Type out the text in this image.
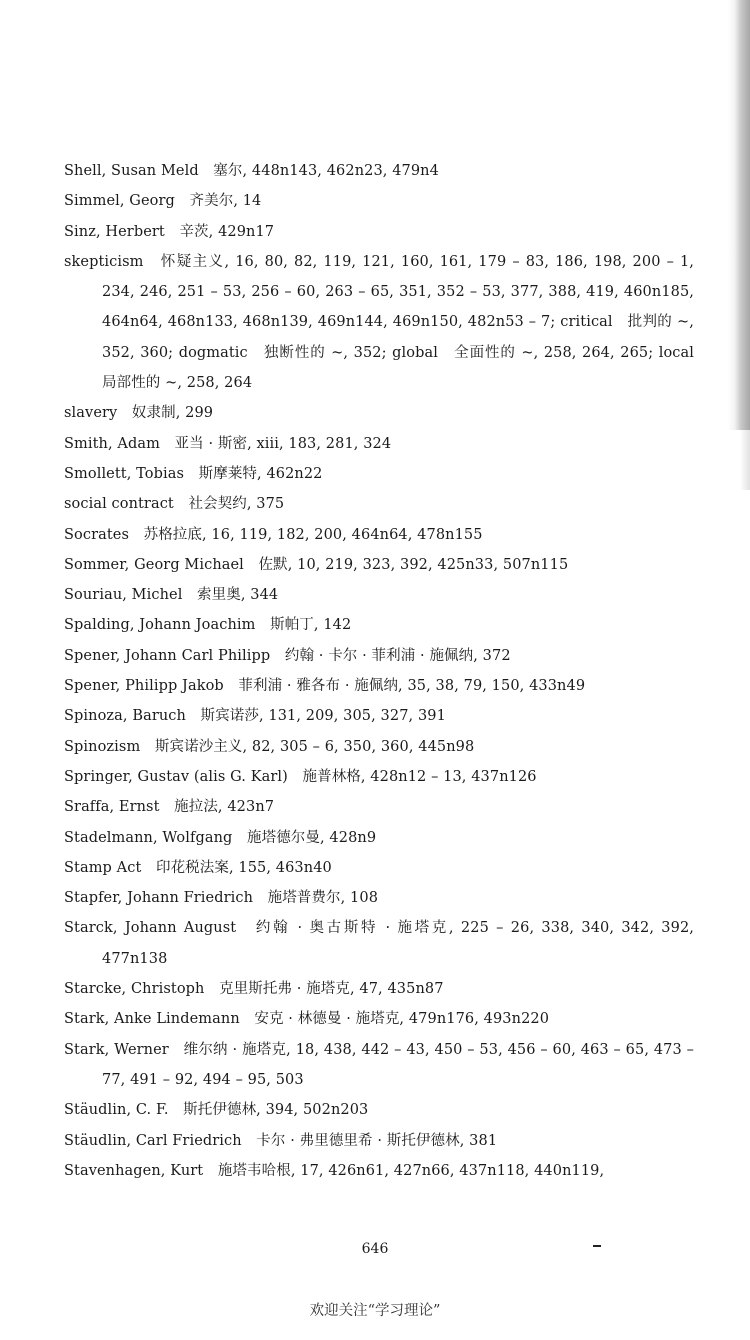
Shell, Susan Meld　塞尔, 448n143, 462n23, 479n4

Simmel, Georg　齐美尔, 14

Sinz, Herbert　辛茨, 429n17

skepticism　怀疑主义, 16, 80, 82, 119, 121, 160, 161, 179 – 83, 186, 198, 200 – 1, 234, 246, 251 – 53, 256 – 60, 263 – 65, 351, 352 – 53, 377, 388, 419, 460n185, 464n64, 468n133, 468n139, 469n144, 469n150, 482n53 – 7; critical　批判的 ~, 352, 360; dogmatic　独断性的 ~, 352; global　全面性的 ~, 258, 264, 265; local　局部性的 ~, 258, 264

slavery　奴隶制, 299

Smith, Adam　亚当 · 斯密, xiii, 183, 281, 324

Smollett, Tobias　斯摩莱特, 462n22

social contract　社会契约, 375

Socrates　苏格拉底, 16, 119, 182, 200, 464n64, 478n155

Sommer, Georg Michael　佐默, 10, 219, 323, 392, 425n33, 507n115

Souriau, Michel　索里奥, 344

Spalding, Johann Joachim　斯帕丁, 142

Spener, Johann Carl Philipp　约翰 · 卡尔 · 菲利浦 · 施佩纳, 372

Spener, Philipp Jakob　菲利浦 · 雅各布 · 施佩纳, 35, 38, 79, 150, 433n49

Spinoza, Baruch　斯宾诺莎, 131, 209, 305, 327, 391

Spinozism　斯宾诺沙主义, 82, 305 – 6, 350, 360, 445n98

Springer, Gustav (alis G. Karl)　施普林格, 428n12 – 13, 437n126

Sraffa, Ernst　施拉法, 423n7

Stadelmann, Wolfgang　施塔德尔曼, 428n9

Stamp Act　印花税法案, 155, 463n40

Stapfer, Johann Friedrich　施塔普费尔, 108

Starck, Johann August　约翰 · 奥古斯特 · 施塔克, 225 – 26, 338, 340, 342, 392, 477n138

Starcke, Christoph　克里斯托弗 · 施塔克, 47, 435n87

Stark, Anke Lindemann　安克 · 林德曼 · 施塔克, 479n176, 493n220

Stark, Werner　维尔纳 · 施塔克, 18, 438, 442 – 43, 450 – 53, 456 – 60, 463 – 65, 473 – 77, 491 – 92, 494 – 95, 503

Stäudlin, C. F.　斯托伊德林, 394, 502n203

Stäudlin, Carl Friedrich　卡尔 · 弗里德里希 · 斯托伊德林, 381

Stavenhagen, Kurt　施塔韦哈根, 17, 426n61, 427n66, 437n118, 440n119,

646
欢迎关注“学习理论”
